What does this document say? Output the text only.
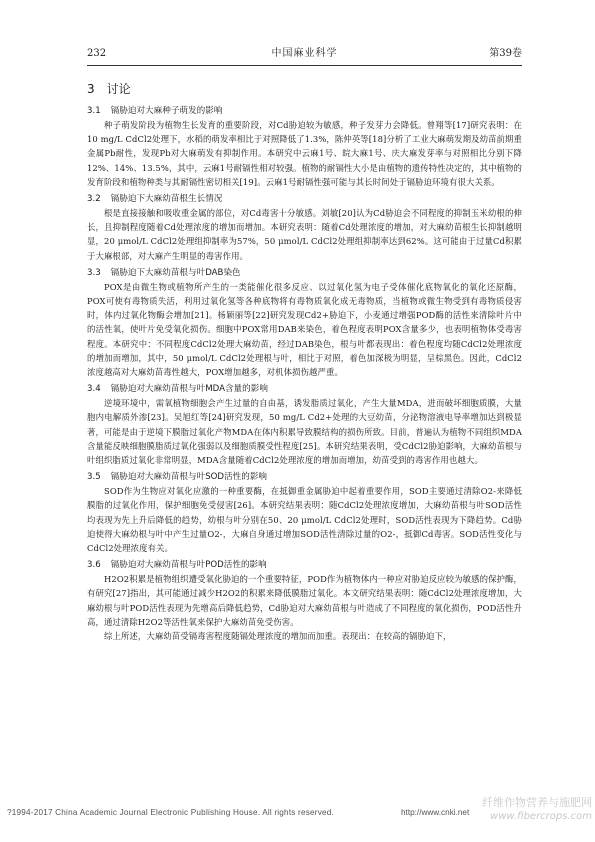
232	中国麻业科学	第39卷
3 讨论
3.1 镉胁迫对大麻种子萌发的影响

种子萌发阶段为植物生长发育的重要阶段，对Cd胁迫较为敏感，种子发芽力会降低。曾翔等[17]研究表明：在10 mg/L CdCl2处理下，水稻的萌发率相比于对照降低了1.3%，陈仲英等[18]分析了工业大麻萌发期及幼苗前期重金属Pb耐性，发现Pb对大麻萌发有抑制作用。本研究中云麻1号、皖大麻1号、庆大麻发芽率与对照相比分别下降12%、14%、13.5%，其中，云麻1号耐镉性相对较强。植物的耐镉性大小是由植物的遗传特性决定的，其中植物的发育阶段和植物种类与其耐镉性密切相关[19]。云麻1号耐镉性强可能与其长时间处于镉胁迫环境有很大关系。

3.2 镉胁迫下大麻幼苗根生长情况

根是直接接触和吸收重金属的部位，对Cd毒害十分敏感。刘敏[20]认为Cd胁迫会不同程度的抑制玉米幼根的伸长，且抑制程度随着Cd处理浓度的增加而增加。本研究表明：随着Cd处理浓度的增加，对大麻幼苗根生长抑制越明显，20 μmol/L CdCl2处理组抑制率为57%，50 μmol/L CdCl2处理组抑制率达到62%。这可能由于过量Cd积累于大麻根部，对大麻产生明显的毒害作用。

3.3 镉胁迫下大麻幼苗根与叶DAB染色

POX是由微生物或植物所产生的一类能催化很多反应、以过氧化氢为电子受体催化底物氧化的氧化还原酶，POX可使有毒物质失活，利用过氧化氢等各种底物将有毒物质氧化成无毒物质，当植物或微生物受到有毒物质侵害时，体内过氧化物酶会增加[21]。杨颖丽等[22]研究发现Cd2+胁迫下，小麦通过增强POD酶的活性来清除叶片中的活性氧，使叶片免受氧化损伤。细胞中POX常用DAB来染色，着色程度表明POX含量多少，也表明植物体受毒害程度。本研究中：不同程度CdCl2处理大麻幼苗，经过DAB染色，根与叶都表现出：着色程度均随CdCl2处理浓度的增加而增加，其中，50 μmol/L CdCl2处理根与叶，相比于对照，着色加深极为明显，呈棕黑色。因此，CdCl2浓度越高对大麻幼苗毒性越大，POX增加越多，对机体损伤越严重。

3.4 镉胁迫对大麻幼苗根与叶MDA含量的影响

逆境环境中，需氧植物细胞会产生过量的自由基，诱发脂质过氧化，产生大量MDA，进而破坏细胞质膜，大量胞内电解质外渗[23]。吴旭红等[24]研究发现，50 mg/L Cd2+处理的大豆幼苗，分泌物溶液电导率增加达到极显著，可能是由于逆境下膜脂过氧化产物MDA在体内积累导致膜结构的损伤所致。目前，普遍认为植物不同组织MDA含量能反映细胞膜脂质过氧化强弱以及细胞质膜受性程度[25]。本研究结果表明，受CdCl2胁迫影响，大麻幼苗根与叶组织脂质过氧化非常明显，MDA含量随着CdCl2处理浓度的增加而增加，幼苗受到的毒害作用也越大。

3.5 镉胁迫对大麻幼苗根与叶SOD活性的影响

SOD作为生物应对氧化应激的一种重要酶，在抵御重金属胁迫中起着重要作用，SOD主要通过清除O2-来降低膜脂的过氧化作用，保护细胞免受侵害[26]。本研究结果表明：随CdCl2处理浓度增加，大麻幼苗根与叶SOD活性均表现为先上升后降低的趋势，幼根与叶分别在50、20 μmol/L CdCl2处理时，SOD活性表现为下降趋势。Cd胁迫使得大麻幼根与叶中产生过量O2-，大麻自身通过增加SOD活性清除过量的O2-，抵御Cd毒害。SOD活性变化与CdCl2处理浓度有关。

3.6 镉胁迫对大麻幼苗根与叶POD活性的影响

H2O2积累是植物组织遭受氧化胁迫的一个重要特征，POD作为植物体内一种应对胁迫反应较为敏感的保护酶，有研究[27]指出，其可能通过减少H2O2的积累来降低膜脂过氧化。本文研究结果表明：随CdCl2处理浓度增加，大麻幼根与叶POD活性表现为先增高后降低趋势，Cd胁迫对大麻幼苗根与叶造成了不同程度的氧化损伤，POD活性升高，通过清除H2O2等活性氧来保护大麻幼苗免受伤害。

综上所述，大麻幼苗受镉毒害程度随镉处理浓度的增加而加重。表现出：在较高的镉胁迫下，

?1994-2017 China Academic Journal Electronic Publishing House. All rights reserved.	http://www.cnki.net
纤维作物营养与施肥网
www.fibercrops.com
